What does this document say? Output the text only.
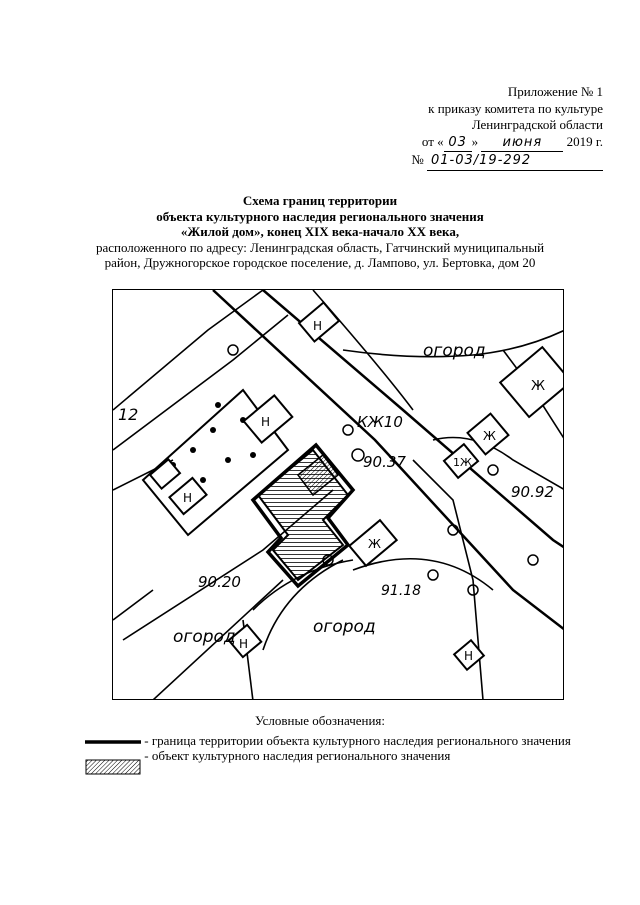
Приложение № 1
к приказу комитета по культуре
Ленинградской области
от « 03 » июня 2019 г.
№ 01-03/19-292
Схема границ территории
объекта культурного наследия регионального значения
«Жилой дом», конец XIX века-начало XX века,
расположенного по адресу: Ленинградская область, Гатчинский муниципальный
район, Дружногорское городское поселение, д. Лампово, ул. Бертовка, дом 20
огород
огород	огород
90.37
90.92
90.20	91.18
12	КЖ10
Н
Н
Н
Н
Н
Ж
Ж
Ж
1Ж
Условные обозначения:
- граница территории объекта культурного наследия регионального значения
- объект культурного наследия регионального значения
